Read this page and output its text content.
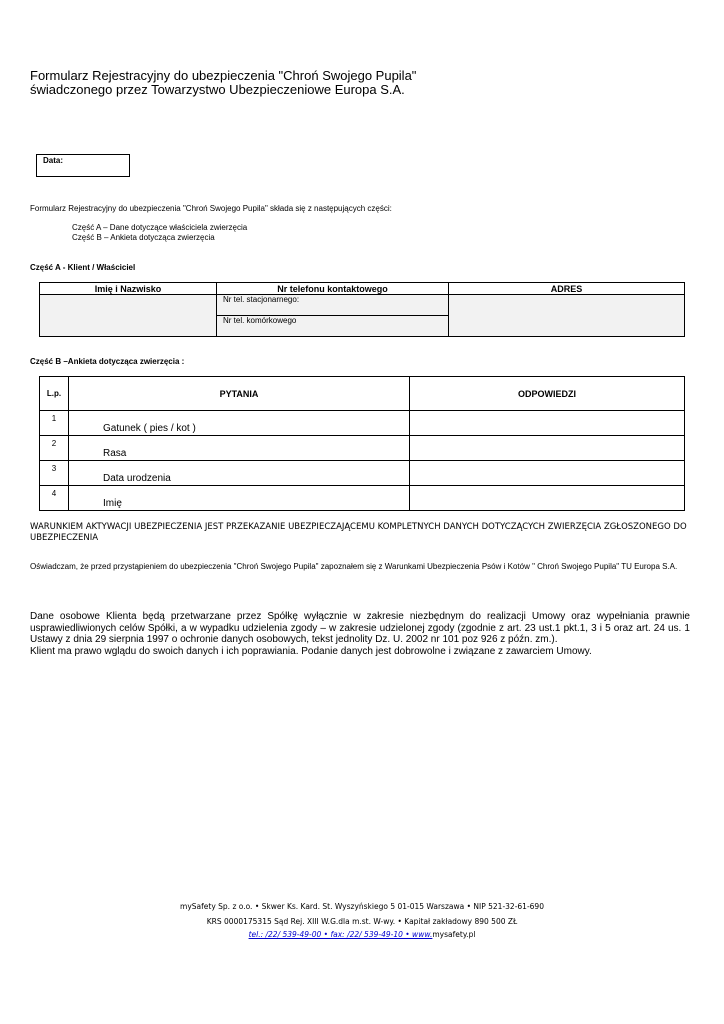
Formularz Rejestracyjny do ubezpieczenia "Chroń Swojego Pupila"
świadczonego przez Towarzystwo Ubezpieczeniowe Europa S.A.
Data:
Formularz Rejestracyjny do ubezpieczenia "Chroń Swojego Pupila" składa się z następujących części:
Część A – Dane dotyczące właściciela zwierzęcia
Część B – Ankieta dotycząca zwierzęcia
Część A - Klient / Właściciel
Imię i Nazwisko	Nr telefonu kontaktowego	ADRES
	Nr tel. stacjonarnego:	
	Nr tel. komórkowego	
Część B –Ankieta dotycząca zwierzęcia :
L.p.	PYTANIA	ODPOWIEDZI
1	Gatunek ( pies / kot )	
2	Rasa	
3	Data urodzenia	
4	Imię	
WARUNKIEM AKTYWACJI UBEZPIECZENIA JEST PRZEKAZANIE UBEZPIECZAJĄCEMU KOMPLETNYCH DANYCH DOTYCZĄCYCH ZWIERZĘCIA ZGŁOSZONEGO DO UBEZPIECZENIA
Oświadczam, że przed przystąpieniem do ubezpieczenia "Chroń Swojego Pupila" zapoznałem się z Warunkami Ubezpieczenia Psów i Kotów " Chroń Swojego Pupila" TU Europa S.A.
Dane osobowe Klienta będą przetwarzane przez Spółkę wyłącznie w zakresie niezbędnym do realizacji Umowy oraz wypełniania prawnie usprawiedliwionych celów Spółki, a w wypadku udzielenia zgody – w zakresie udzielonej zgody (zgodnie z art. 23 ust.1 pkt.1, 3 i 5 oraz art. 24 us. 1 Ustawy z dnia 29 sierpnia 1997 o ochronie danych osobowych, tekst jednolity Dz. U. 2002 nr 101 poz 926 z późn. zm.).
Klient ma prawo wglądu do swoich danych i ich poprawiania. Podanie danych jest dobrowolne i związane z zawarciem Umowy.
mySafety Sp. z o.o. • Skwer Ks. Kard. St. Wyszyńskiego 5 01-015 Warszawa • NIP 521-32-61-690
KRS 0000175315 Sąd Rej. XIII W.G.dla m.st. W-wy. • Kapitał zakładowy 890 500 ZŁ
tel.: /22/ 539-49-00 • fax: /22/ 539-49-10 • www.mysafety.pl
